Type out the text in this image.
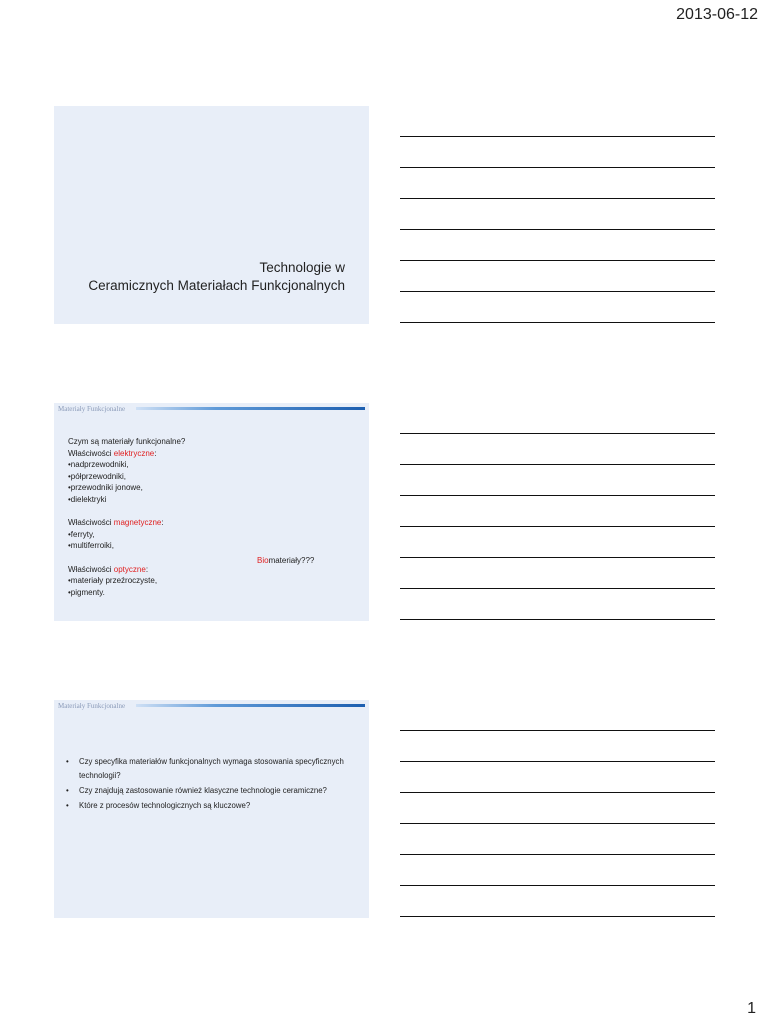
2013-06-12
Technologie w
Ceramicznych Materiałach Funkcjonalnych
Materiały Funkcjonalne
Czym są materiały funkcjonalne?
Właściwości elektryczne:
•nadprzewodniki,
•półprzewodniki,
•przewodniki jonowe,
•dielektryki
Właściwości magnetyczne:
•ferryty,
•multiferroiki,
Właściwości optyczne:
•materiały przeźroczyste,
•pigmenty.
Biomateriały???
Materiały Funkcjonalne
• Czy specyfika materiałów funkcjonalnych wymaga stosowania specyficznych technologii?
• Czy znajdują zastosowanie również klasyczne technologie ceramiczne?
• Które z procesów technologicznych są kluczowe?
1
